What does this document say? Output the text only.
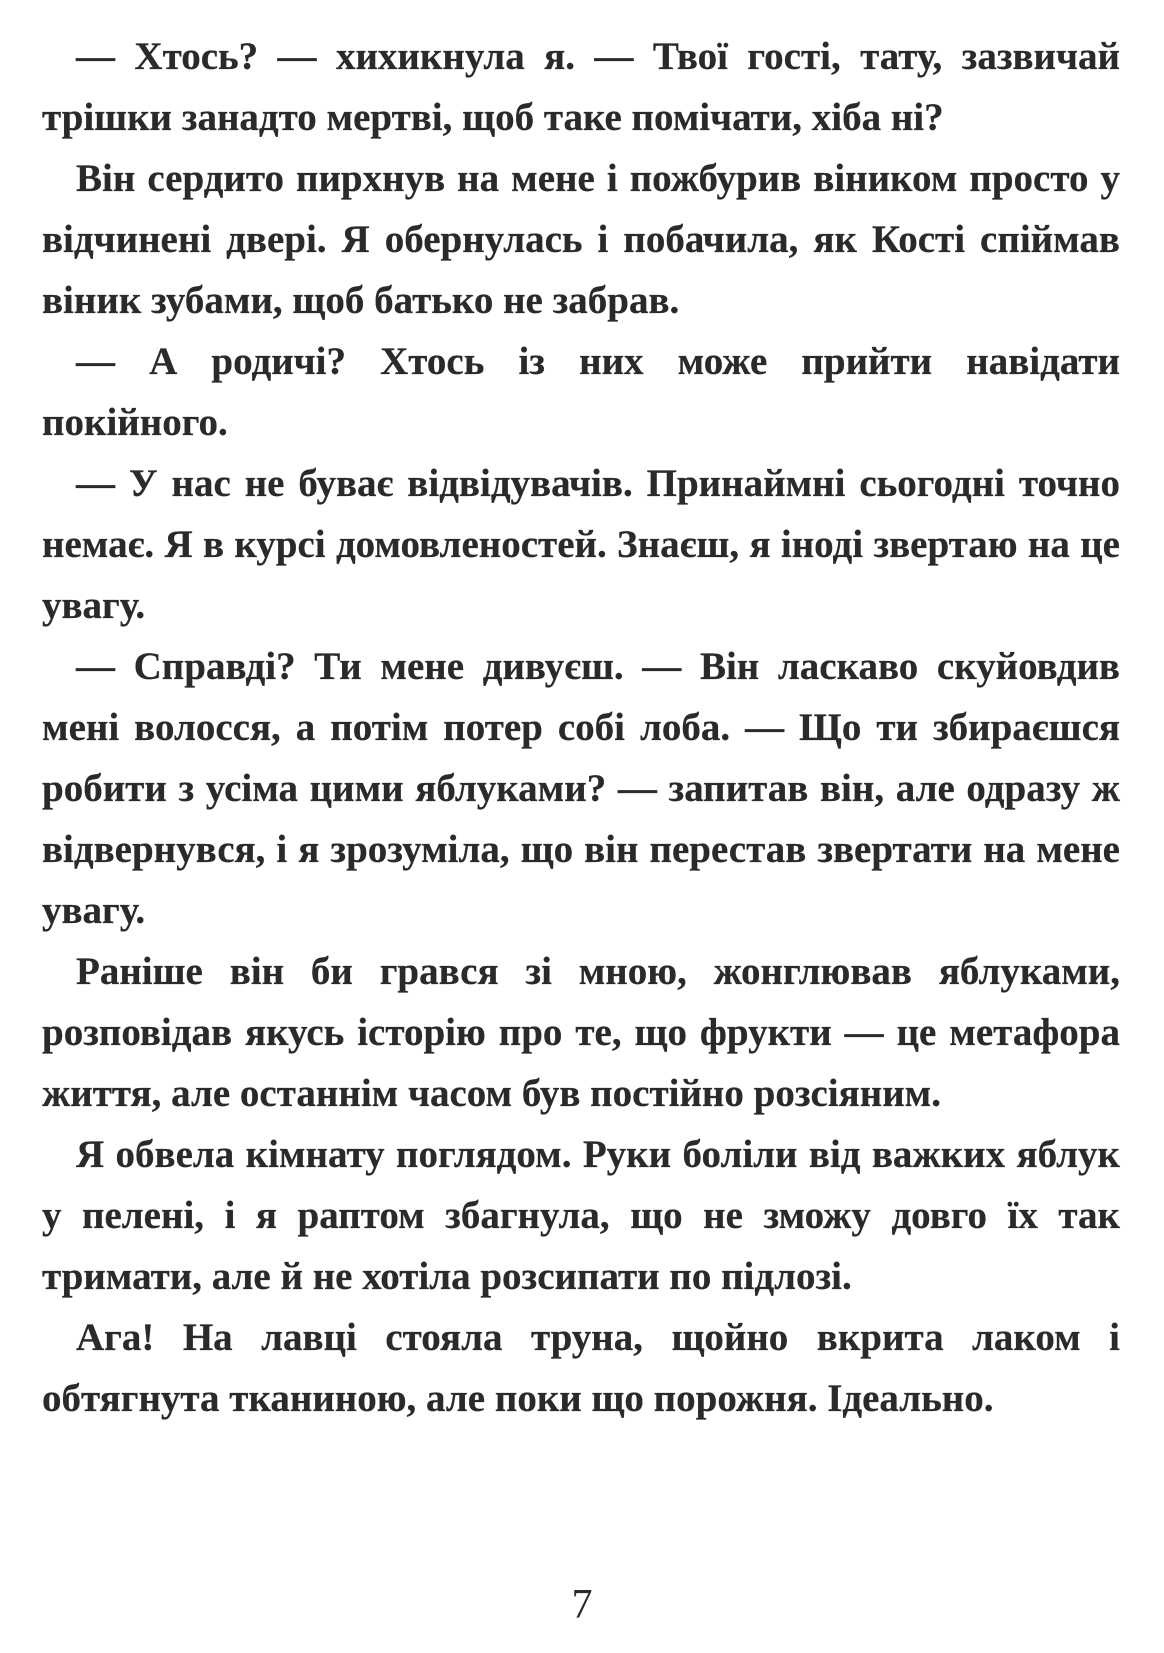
— Хтось? — хихикнула я. — Твої гості, тату, зазвичай трішки занадто мертві, щоб таке помічати, хіба ні?

Він сердито пирхнув на мене і пожбурив віником просто у відчинені двері. Я обернулась і побачила, як Кості спіймав віник зубами, щоб батько не забрав.

— А родичі? Хтось із них може прийти навідати покійного.

— У нас не буває відвідувачів. Принаймні сьогодні точно немає. Я в курсі домовленостей. Знаєш, я іноді звертаю на це увагу.

— Справді? Ти мене дивуєш. — Він ласкаво скуйовдив мені волосся, а потім потер собі лоба. — Що ти збираєшся робити з усіма цими яблуками? — запитав він, але одразу ж відвернувся, і я зрозуміла, що він перестав звертати на мене увагу.

Раніше він би грався зі мною, жонглював яблуками, розповідав якусь історію про те, що фрукти — це метафора життя, але останнім часом був постійно розсіяним.

Я обвела кімнату поглядом. Руки боліли від важких яблук у пелені, і я раптом збагнула, що не зможу довго їх так тримати, але й не хотіла розсипати по підлозі.

Ага! На лавці стояла труна, щойно вкрита лаком і обтягнута тканиною, але поки що порожня. Ідеально.

7
